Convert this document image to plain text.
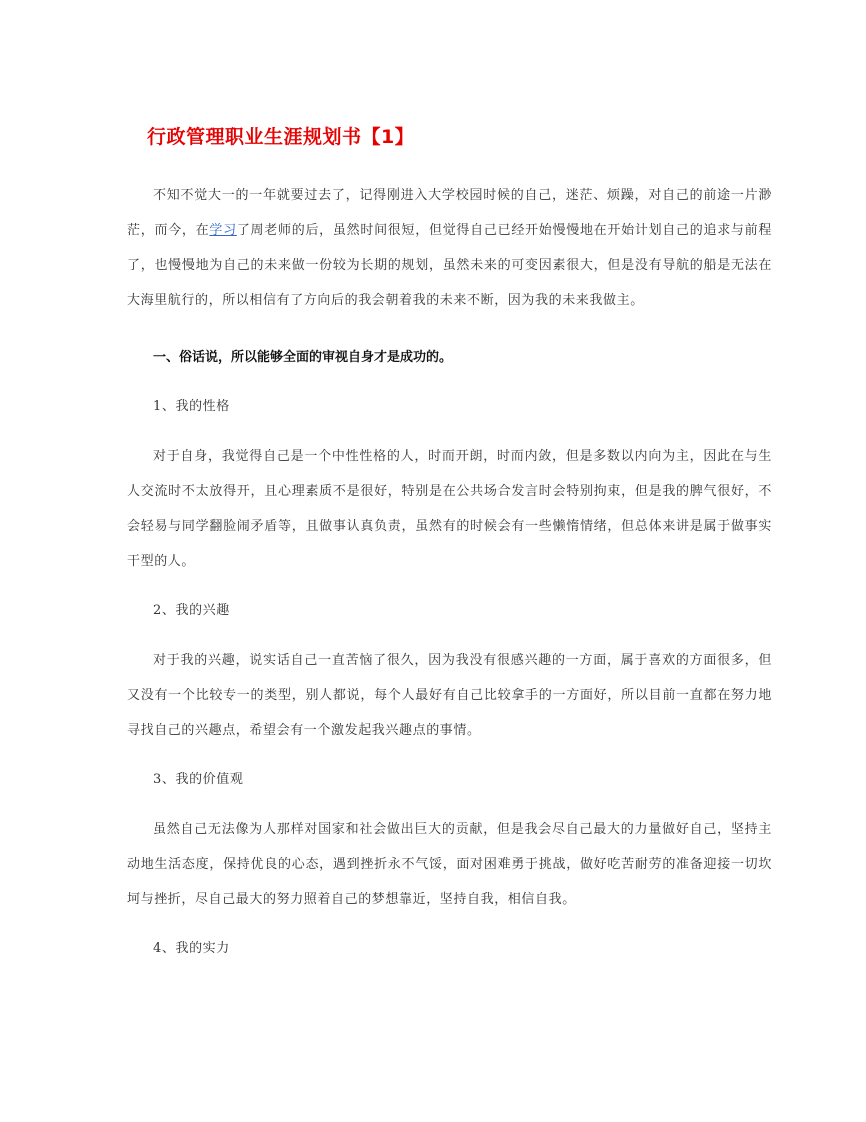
行政管理职业生涯规划书【1】

不知不觉大一的一年就要过去了，记得刚进入大学校园时候的自己，迷茫、烦躁，对自己的前途一片渺茫，而今，在学习了周老师的后，虽然时间很短，但觉得自己已经开始慢慢地在开始计划自己的追求与前程了，也慢慢地为自己的未来做一份较为长期的规划，虽然未来的可变因素很大，但是没有导航的船是无法在大海里航行的，所以相信有了方向后的我会朝着我的未来不断，因为我的未来我做主。

一、俗话说，所以能够全面的审视自身才是成功的。

1、我的性格

对于自身，我觉得自己是一个中性性格的人，时而开朗，时而内敛，但是多数以内向为主，因此在与生人交流时不太放得开，且心理素质不是很好，特别是在公共场合发言时会特别拘束，但是我的脾气很好，不会轻易与同学翻脸闹矛盾等，且做事认真负责，虽然有的时候会有一些懒惰情绪，但总体来讲是属于做事实干型的人。

2、我的兴趣

对于我的兴趣，说实话自己一直苦恼了很久，因为我没有很感兴趣的一方面，属于喜欢的方面很多，但又没有一个比较专一的类型，别人都说，每个人最好有自己比较拿手的一方面好，所以目前一直都在努力地寻找自己的兴趣点，希望会有一个激发起我兴趣点的事情。

3、我的价值观

虽然自己无法像为人那样对国家和社会做出巨大的贡献，但是我会尽自己最大的力量做好自己，坚持主动地生活态度，保持优良的心态，遇到挫折永不气馁，面对困难勇于挑战，做好吃苦耐劳的准备迎接一切坎坷与挫折，尽自己最大的努力照着自己的梦想靠近，坚持自我，相信自我。

4、我的实力
